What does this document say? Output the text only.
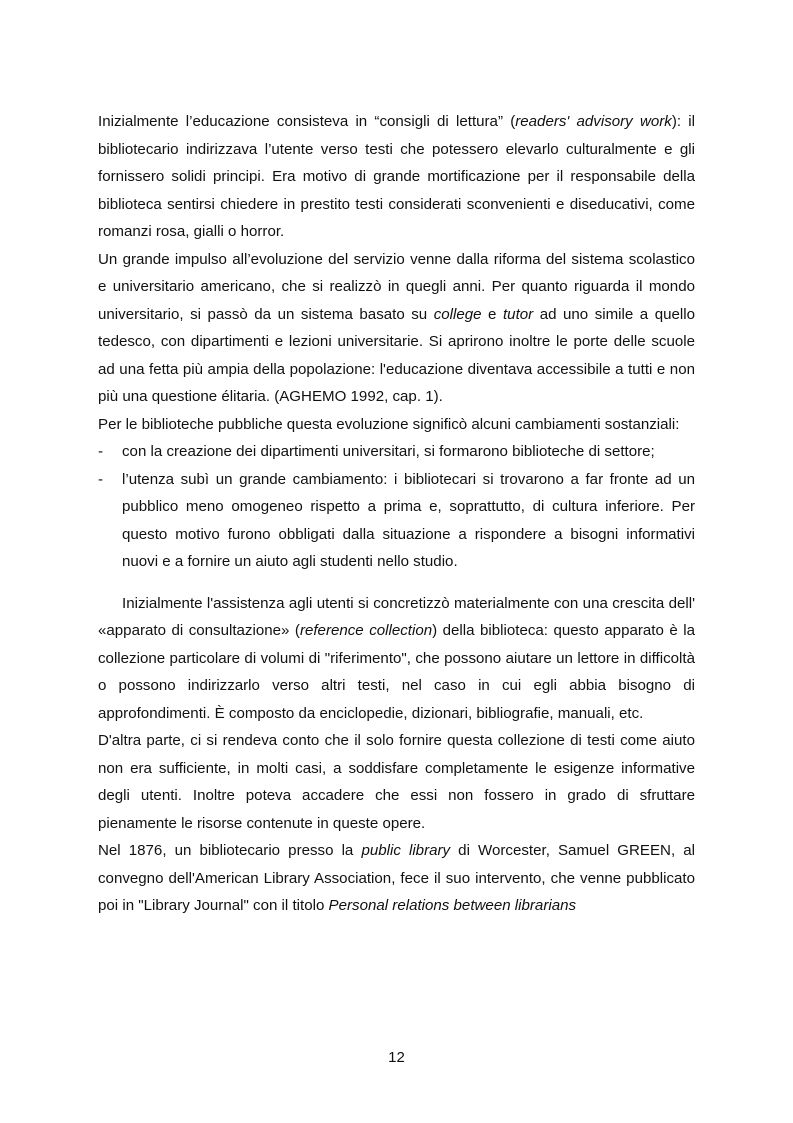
Inizialmente l’educazione consisteva in “consigli di lettura” (readers' advisory work): il bibliotecario indirizzava l’utente verso testi che potessero elevarlo culturalmente e gli fornissero solidi principi. Era motivo di grande mortificazione per il responsabile della biblioteca sentirsi chiedere in prestito testi considerati sconvenienti e diseducativi, come romanzi rosa, gialli o horror.

Un grande impulso all’evoluzione del servizio venne dalla riforma del sistema scolastico e universitario americano, che si realizzò in quegli anni. Per quanto riguarda il mondo universitario, si passò da un sistema basato su college e tutor ad uno simile a quello tedesco, con dipartimenti e lezioni universitarie. Si aprirono inoltre le porte delle scuole ad una fetta più ampia della popolazione: l'educazione diventava accessibile a tutti e non più una questione élitaria. (AGHEMO 1992, cap. 1).

Per le biblioteche pubbliche questa evoluzione significò alcuni cambiamenti sostanziali:

- con la creazione dei dipartimenti universitari, si formarono biblioteche di settore;
- l’utenza subì un grande cambiamento: i bibliotecari si trovarono a far fronte ad un pubblico meno omogeneo rispetto a prima e, soprattutto, di cultura inferiore. Per questo motivo furono obbligati dalla situazione a rispondere a bisogni informativi nuovi e a fornire un aiuto agli studenti nello studio.

Inizialmente l'assistenza agli utenti si concretizzò materialmente con una crescita dell' «apparato di consultazione» (reference collection) della biblioteca: questo apparato è la collezione particolare di volumi di "riferimento", che possono aiutare un lettore in difficoltà o possono indirizzarlo verso altri testi, nel caso in cui egli abbia bisogno di approfondimenti. È composto da enciclopedie, dizionari, bibliografie, manuali, etc.

D'altra parte, ci si rendeva conto che il solo fornire questa collezione di testi come aiuto non era sufficiente, in molti casi, a soddisfare completamente le esigenze informative degli utenti. Inoltre poteva accadere che essi non fossero in grado di sfruttare pienamente le risorse contenute in queste opere.

Nel 1876, un bibliotecario presso la public library di Worcester, Samuel GREEN, al convegno dell'American Library Association, fece il suo intervento, che venne pubblicato poi in "Library Journal" con il titolo Personal relations between librarians

12
